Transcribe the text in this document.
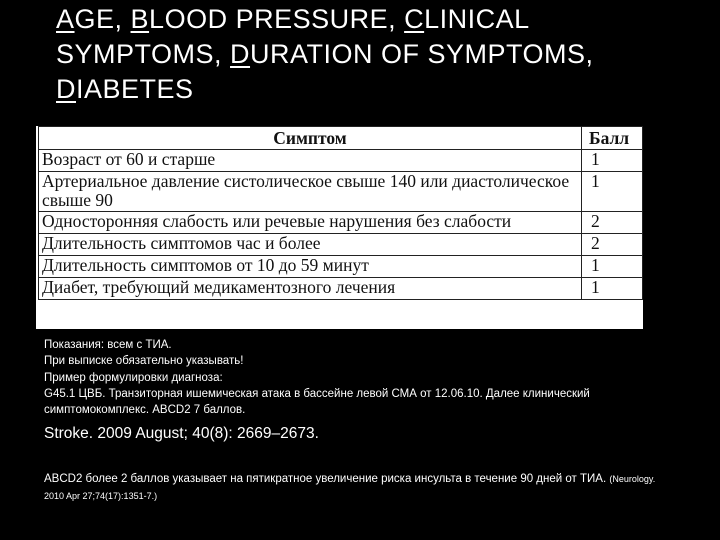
AGE, BLOOD PRESSURE, CLINICAL
SYMPTOMS, DURATION OF SYMPTOMS,
DIABETES
Симптом	Балл
Возраст от 60 и старше	1
Артериальное давление систолическое свыше 140 или диастолическое свыше 90	1
Односторонняя слабость или речевые нарушения без слабости	2
Длительность симптомов час и более	2
Длительность симптомов от 10 до 59 минут	1
Диабет, требующий медикаментозного лечения	1
Показания: всем с ТИА.
При выписке обязательно указывать!
Пример формулировки диагноза:
G45.1 ЦВБ. Транзиторная ишемическая атака в бассейне левой СМА от 12.06.10. Далее клинический симптомокомплекс. ABCD2 7 баллов.
Stroke. 2009 August; 40(8): 2669–2673.
ABCD2 более 2 баллов указывает на пятикратное увеличение риска инсульта в течение 90 дней от ТИА. (Neurology. 2010 Apr 27;74(17):1351-7.)
